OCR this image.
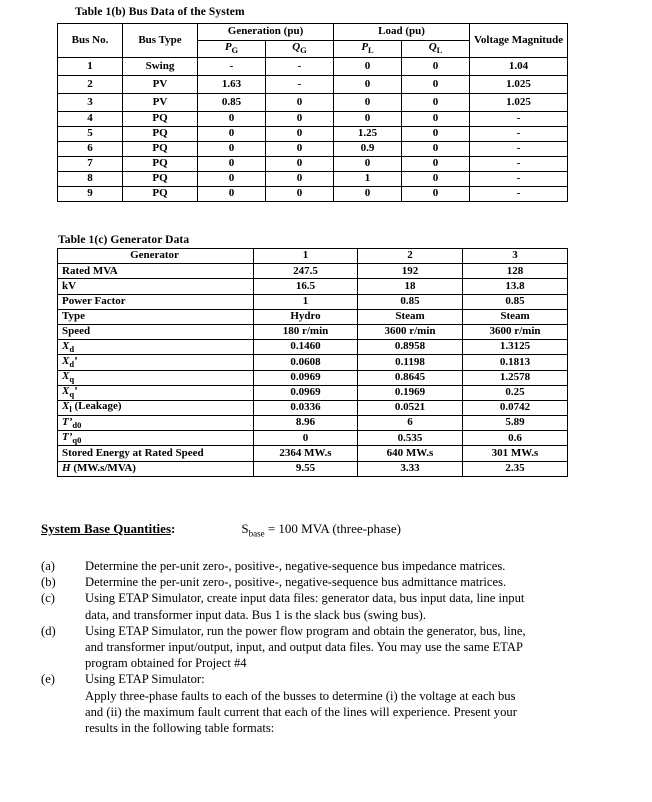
Table 1(b) Bus Data of the System
Bus No.	Bus Type	Generation (pu)		Load (pu)		Voltage Magnitude
		$P_G$	$Q_G$	$P_L$	$Q_L$
1	Swing	-	-	0	0	1.04
2	PV	1.63	-	0	0	1.025
3	PV	0.85	0	0	0	1.025
4	PQ	0	0	0	0	-
5	PQ	0	0	1.25	0	-
6	PQ	0	0	0.9	0	-
7	PQ	0	0	0	0	-
8	PQ	0	0	1	0	-
9	PQ	0	0	0	0	-
Table 1(c) Generator Data
Generator	1	2	3
Rated MVA	247.5	192	128
kV	16.5	18	13.8
Power Factor	1	0.85	0.85
Type	Hydro	Steam	Steam
Speed	180 r/min	3600 r/min	3600 r/min
$X_d$	0.1460	0.8958	1.3125
$X_d$’	0.0608	0.1198	0.1813
$X_q$	0.0969	0.8645	1.2578
$X_q$’	0.0969	0.1969	0.25
$X_l$ (Leakage)	0.0336	0.0521	0.0742
$T’_{d0}$	8.96	6	5.89
$T’_{q0}$	0	0.535	0.6
Stored Energy at Rated Speed	2364 MW.s	640 MW.s	301 MW.s
H (MW.s/MVA)	9.55	3.33	2.35
System Base Quantities:	$S_{base} = 100$ MVA (three-phase)
(a)	Determine the per-unit zero-, positive-, negative-sequence bus impedance matrices.

(b)	Determine the per-unit zero-, positive-, negative-sequence bus admittance matrices.

(c)	Using ETAP Simulator, create input data files: generator data, bus input data, line input

data, and transformer input data. Bus 1 is the slack bus (swing bus).

(d)	Using ETAP Simulator, run the power flow program and obtain the generator, bus, line,

and transformer input/output, input, and output data files. You may use the same ETAP

program obtained for Project #4

(e)	Using ETAP Simulator:

Apply three-phase faults to each of the busses to determine (i) the voltage at each bus

and (ii) the maximum fault current that each of the lines will experience. Present your

results in the following table formats:
